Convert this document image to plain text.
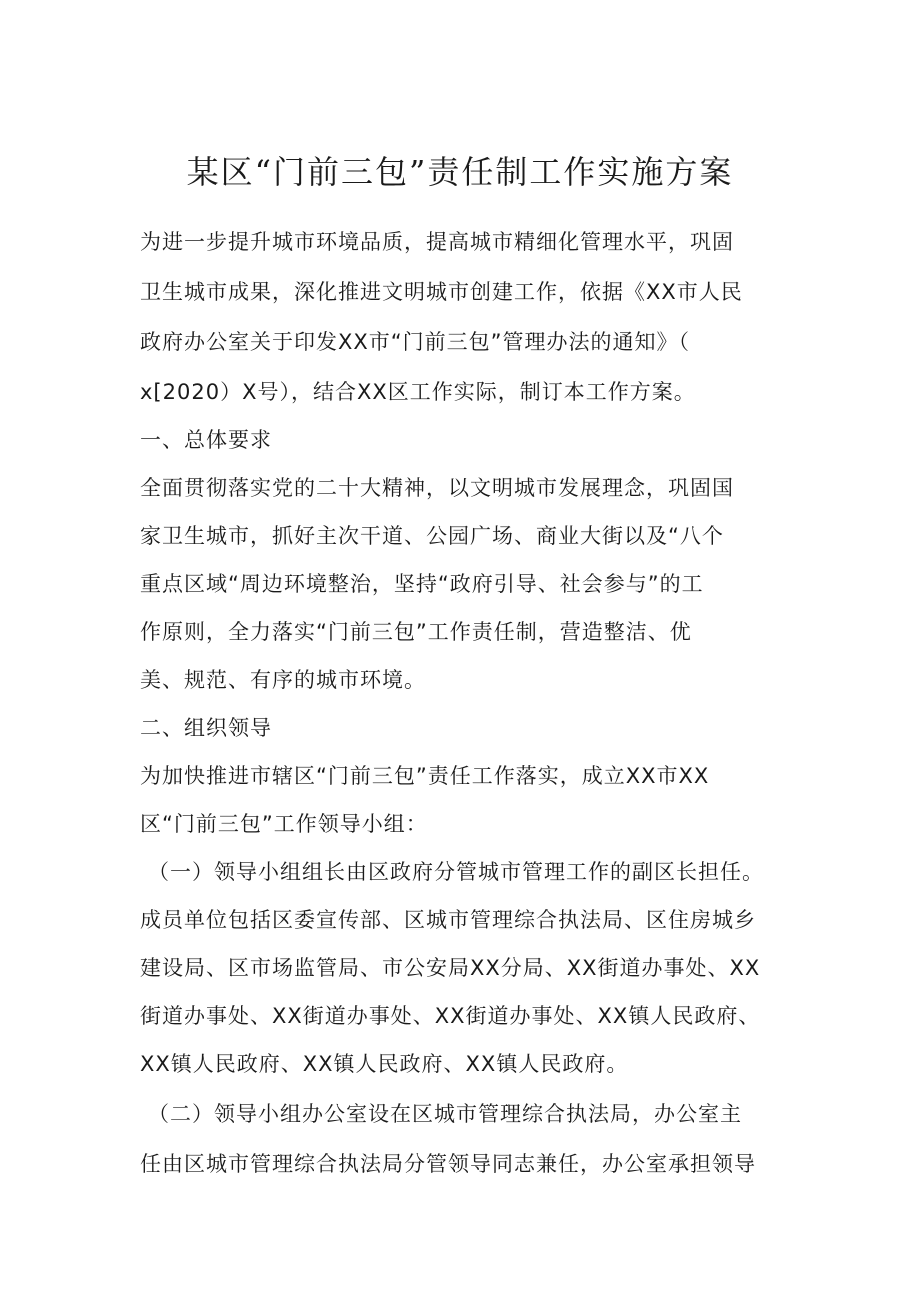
某区“门前三包”责任制工作实施方案
为进一步提升城市环境品质，提高城市精细化管理水平，巩固
卫生城市成果，深化推进文明城市创建工作，依据《XX市人民
政府办公室关于印发XX市“门前三包”管理办法的通知》（
x[2020）X号），结合XX区工作实际，制订本工作方案。
一、总体要求
全面贯彻落实党的二十大精神，以文明城市发展理念，巩固国
家卫生城市，抓好主次干道、公园广场、商业大街以及“八个
重点区域“周边环境整治，坚持“政府引导、社会参与”的工
作原则，全力落实“门前三包”工作责任制，营造整洁、优
美、规范、有序的城市环境。
二、组织领导
为加快推进市辖区“门前三包”责任工作落实，成立XX市XX
区“门前三包”工作领导小组：
（一）领导小组组长由区政府分管城市管理工作的副区长担任。
成员单位包括区委宣传部、区城市管理综合执法局、区住房城乡
建设局、区市场监管局、市公安局XX分局、XX街道办事处、XX
街道办事处、XX街道办事处、XX街道办事处、XX镇人民政府、
XX镇人民政府、XX镇人民政府、XX镇人民政府。
（二）领导小组办公室设在区城市管理综合执法局，办公室主
任由区城市管理综合执法局分管领导同志兼任，办公室承担领导
